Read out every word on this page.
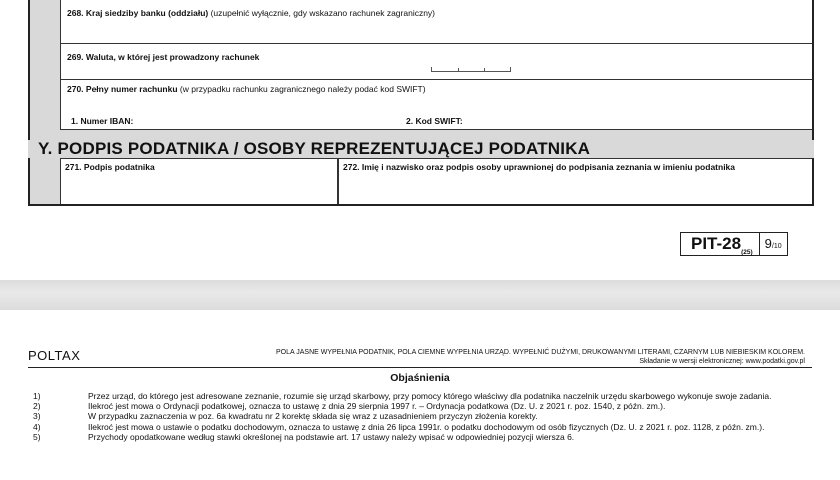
268. Kraj siedziby banku (oddziału) (uzupełnić wyłącznie, gdy wskazano rachunek zagraniczny)
269. Waluta, w której jest prowadzony rachunek
270. Pełny numer rachunku (w przypadku rachunku zagranicznego należy podać kod SWIFT)
1. Numer IBAN:	2. Kod SWIFT:
Y. PODPIS PODATNIKA / OSOBY REPREZENTUJĄCEJ PODATNIKA
271. Podpis podatnika	272. Imię i nazwisko oraz podpis osoby uprawnionej do podpisania zeznania w imieniu podatnika
PIT-$28_{(25)}$
9/10
POLTAX	POLA JASNE WYPEŁNIA PODATNIK, POLA CIEMNE WYPEŁNIA URZĄD. WYPEŁNIĆ DUŻYMI, DRUKOWANYMI LITERAMI, CZARNYM LUB NIEBIESKIM KOLOREM.
Składanie w wersji elektronicznej: www.podatki.gov.pl
Objaśnienia
1)	Przez urząd, do którego jest adresowane zeznanie, rozumie się urząd skarbowy, przy pomocy którego właściwy dla podatnika naczelnik urzędu skarbowego wykonuje swoje zadania.
2)	Ilekroć jest mowa o Ordynacji podatkowej, oznacza to ustawę z dnia 29 sierpnia 1997 r. – Ordynacja podatkowa (Dz. U. z 2021 r. poz. 1540, z późn. zm.).
3)	W przypadku zaznaczenia w poz. 6a kwadratu nr 2 korektę składa się wraz z uzasadnieniem przyczyn złożenia korekty.
4)	Ilekroć jest mowa o ustawie o podatku dochodowym, oznacza to ustawę z dnia 26 lipca 1991r. o podatku dochodowym od osób fizycznych (Dz. U. z 2021 r. poz. 1128, z późn. zm.).
5)	Przychody opodatkowane według stawki określonej na podstawie art. 17 ustawy należy wpisać w odpowiedniej pozycji wiersza 6.
